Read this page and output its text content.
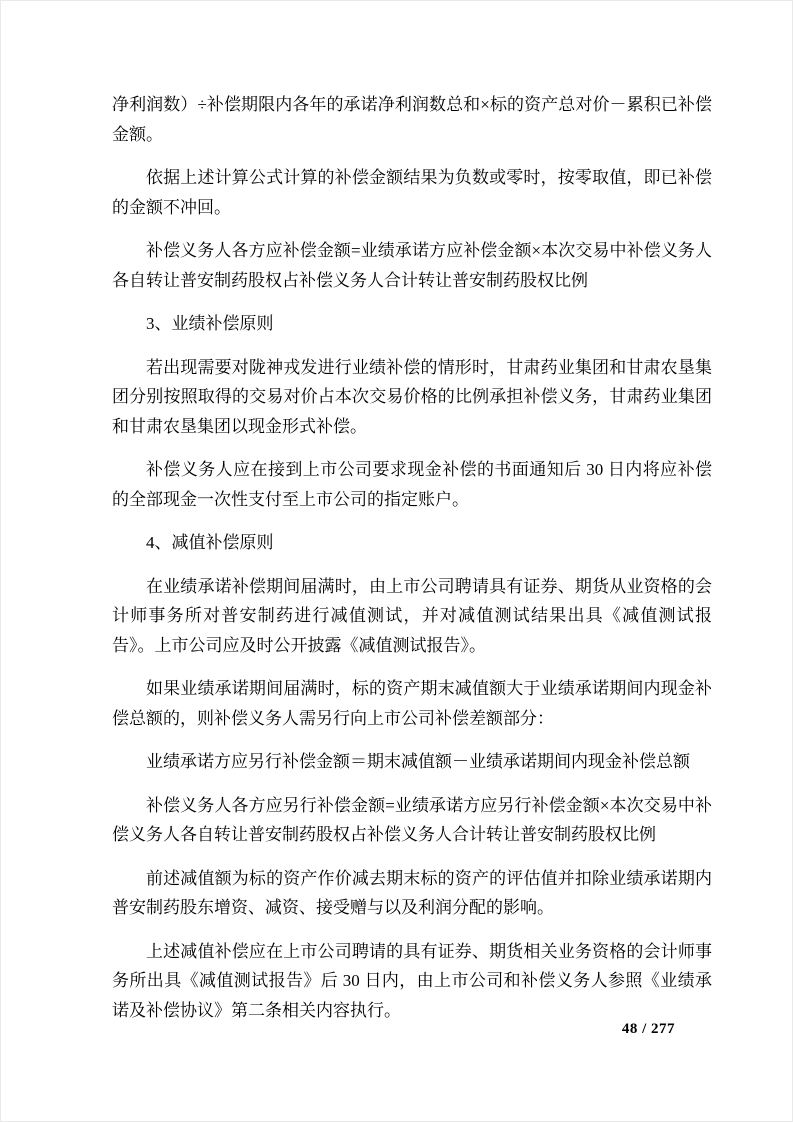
净利润数）÷补偿期限内各年的承诺净利润数总和×标的资产总对价－累积已补偿金额。

依据上述计算公式计算的补偿金额结果为负数或零时，按零取值，即已补偿的金额不冲回。

补偿义务人各方应补偿金额=业绩承诺方应补偿金额×本次交易中补偿义务人各自转让普安制药股权占补偿义务人合计转让普安制药股权比例

3、业绩补偿原则

若出现需要对陇神戎发进行业绩补偿的情形时，甘肃药业集团和甘肃农垦集团分别按照取得的交易对价占本次交易价格的比例承担补偿义务，甘肃药业集团和甘肃农垦集团以现金形式补偿。

补偿义务人应在接到上市公司要求现金补偿的书面通知后 30 日内将应补偿的全部现金一次性支付至上市公司的指定账户。

4、减值补偿原则

在业绩承诺补偿期间届满时，由上市公司聘请具有证券、期货从业资格的会计师事务所对普安制药进行减值测试，并对减值测试结果出具《减值测试报告》。上市公司应及时公开披露《减值测试报告》。

如果业绩承诺期间届满时，标的资产期末减值额大于业绩承诺期间内现金补偿总额的，则补偿义务人需另行向上市公司补偿差额部分：

业绩承诺方应另行补偿金额＝期末减值额－业绩承诺期间内现金补偿总额

补偿义务人各方应另行补偿金额=业绩承诺方应另行补偿金额×本次交易中补偿义务人各自转让普安制药股权占补偿义务人合计转让普安制药股权比例

前述减值额为标的资产作价减去期末标的资产的评估值并扣除业绩承诺期内普安制药股东增资、减资、接受赠与以及利润分配的影响。

上述减值补偿应在上市公司聘请的具有证券、期货相关业务资格的会计师事务所出具《减值测试报告》后 30 日内，由上市公司和补偿义务人参照《业绩承诺及补偿协议》第二条相关内容执行。

48 / 277
